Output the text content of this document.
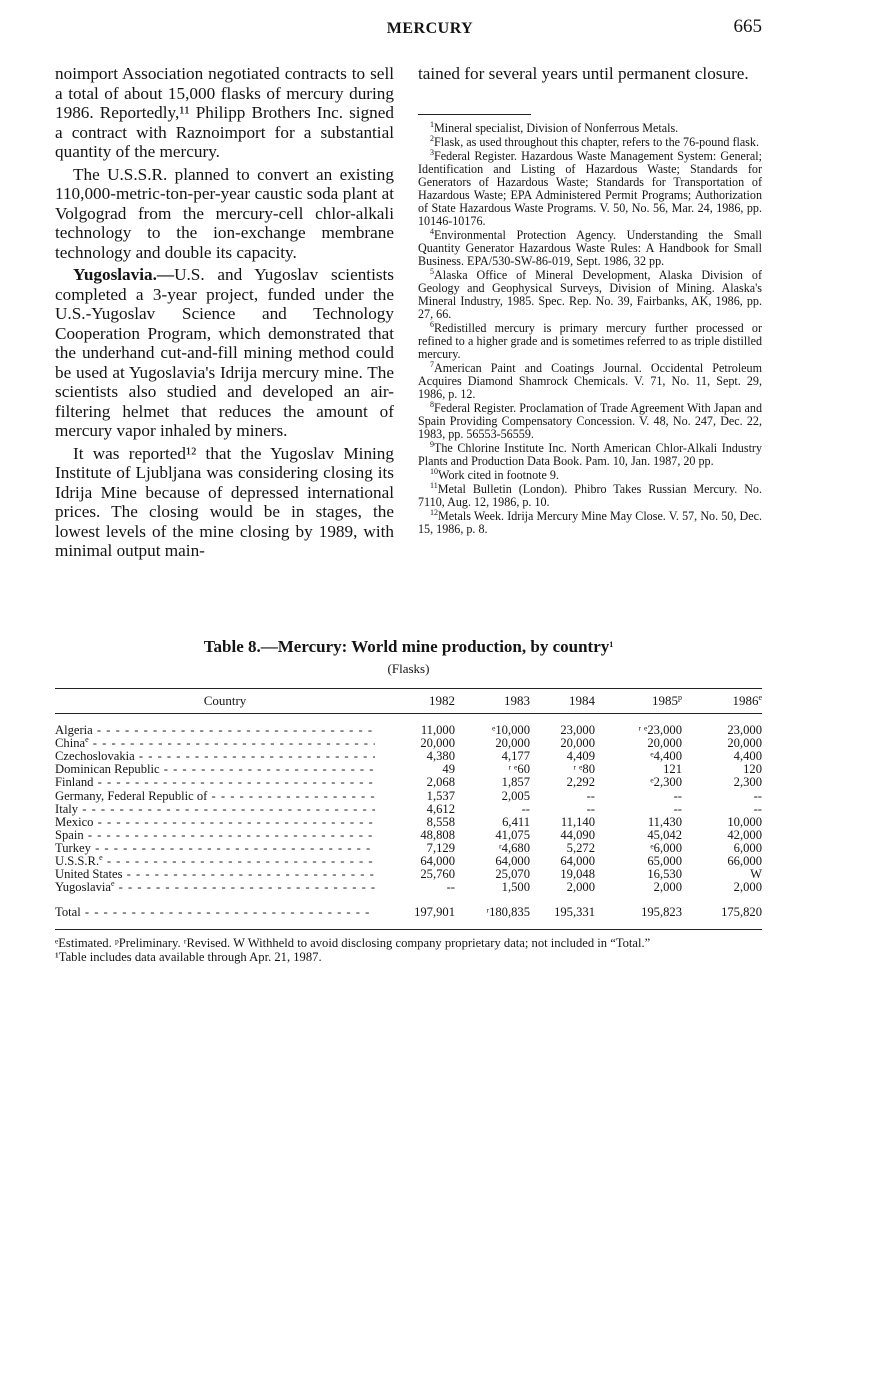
MERCURY	665

noimport Association negotiated contracts to sell a total of about 15,000 flasks of mercury during 1986. Reportedly,¹¹ Philipp Brothers Inc. signed a contract with Raznoimport for a substantial quantity of the mercury.

The U.S.S.R. planned to convert an existing 110,000-metric-ton-per-year caustic soda plant at Volgograd from the mercury-cell chlor-alkali technology to the ion-exchange membrane technology and double its capacity.

Yugoslavia.—U.S. and Yugoslav scientists completed a 3-year project, funded under the U.S.-Yugoslav Science and Technology Cooperation Program, which demonstrated that the underhand cut-and-fill mining method could be used at Yugoslavia's Idrija mercury mine. The scientists also studied and developed an air-filtering helmet that reduces the amount of mercury vapor inhaled by miners.

It was reported¹² that the Yugoslav Mining Institute of Ljubljana was considering closing its Idrija Mine because of depressed international prices. The closing would be in stages, the lowest levels of the mine closing by 1989, with minimal output main-

tained for several years until permanent closure.

$^1$Mineral specialist, Division of Nonferrous Metals.

$^2$Flask, as used throughout this chapter, refers to the 76-pound flask.

$^3$Federal Register. Hazardous Waste Management System: General; Identification and Listing of Hazardous Waste; Standards for Generators of Hazardous Waste; Standards for Transportation of Hazardous Waste; EPA Administered Permit Programs; Authorization of State Hazardous Waste Programs. V. 50, No. 56, Mar. 24, 1986, pp. 10146-10176.

$^4$Environmental Protection Agency. Understanding the Small Quantity Generator Hazardous Waste Rules: A Handbook for Small Business. EPA/530-SW-86-019, Sept. 1986, 32 pp.

$^5$Alaska Office of Mineral Development, Alaska Division of Geology and Geophysical Surveys, Division of Mining. Alaska's Mineral Industry, 1985. Spec. Rep. No. 39, Fairbanks, AK, 1986, pp. 27, 66.

$^6$Redistilled mercury is primary mercury further processed or refined to a higher grade and is sometimes referred to as triple distilled mercury.

$^7$American Paint and Coatings Journal. Occidental Petroleum Acquires Diamond Shamrock Chemicals. V. 71, No. 11, Sept. 29, 1986, p. 12.

$^8$Federal Register. Proclamation of Trade Agreement With Japan and Spain Providing Compensatory Concession. V. 48, No. 247, Dec. 22, 1983, pp. 56553-56559.

$^9$The Chlorine Institute Inc. North American Chlor-Alkali Industry Plants and Production Data Book. Pam. 10, Jan. 1987, 20 pp.

$^{10}$Work cited in footnote 9.

$^{11}$Metal Bulletin (London). Phibro Takes Russian Mercury. No. 7110, Aug. 12, 1986, p. 10.

$^{12}$Metals Week. Idrija Mercury Mine May Close. V. 57, No. 50, Dec. 15, 1986, p. 8.

Table 8.—Mercury: World mine production, by country$^1$
(Flasks)
Country	1982	1983	1984	1985$^p$	1986e
Algeria - - -	11,000	ᵉ10,000	23,000	ʳ ᵉ23,000	23,000
China$^e$ - - -	20,000	20,000	20,000	20,000	20,000
Czechoslovakia - - -	4,380	4,177	4,409	ᵉ4,400	4,400
Dominican Republic - - -	49	ʳ ᵉ60	ʳ ᵉ80	121	120
Finland - - -	2,068	1,857	2,292	ᵉ2,300	2,300
Germany, Federal Republic of - - -	1,537	2,005	--	--	--
Italy - - -	4,612	--	--	--	--
Mexico - - -	8,558	6,411	11,140	11,430	10,000
Spain - - -	48,808	41,075	44,090	45,042	42,000
Turkey - - -	7,129	ʳ4,680	5,272	ᵉ6,000	6,000
U.S.S.R.$^e$ - - -	64,000	64,000	64,000	65,000	66,000
United States - - -	25,760	25,070	19,048	16,530	W
Yugoslavia$^e$ - - -	--	1,500	2,000	2,000	2,000
Total - - -	197,901	ʳ180,835	195,331	195,823	175,820

ᵉEstimated. ᵖPreliminary. ʳRevised. W Withheld to avoid disclosing company proprietary data; not included in “Total.”

¹Table includes data available through Apr. 21, 1987.
